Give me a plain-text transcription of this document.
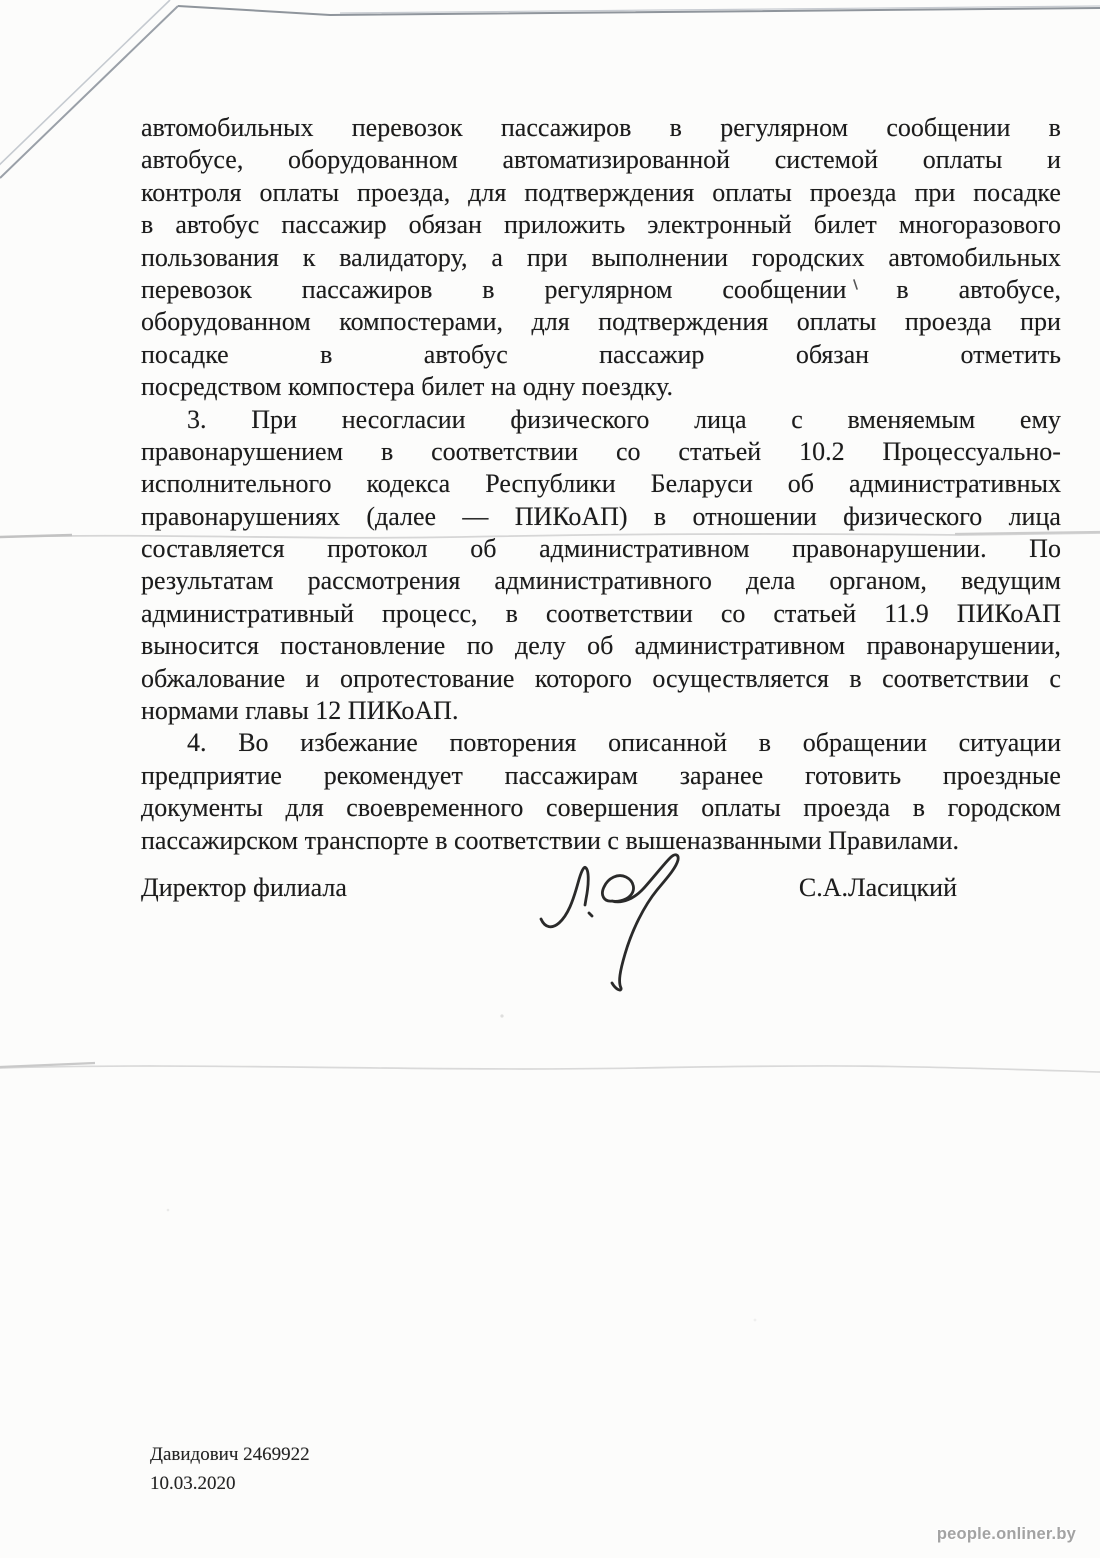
автомобильных перевозок пассажиров в регулярном сообщении в
автобусе, оборудованном автоматизированной системой оплаты и
контроля оплаты проезда, для подтверждения оплаты проезда при посадке
в автобус пассажир обязан приложить электронный билет многоразового
пользования к валидатору, а при выполнении городских автомобильных
перевозок пассажиров в регулярном сообщении в автобусе,
оборудованном компостерами, для подтверждения оплаты проезда при
посадке	в	автобус	пассажир	обязан	отметить
посредством компостера билет на одну поездку.
3. При несогласии физического лица с вменяемым ему
правонарушением в соответствии со статьей 10.2 Процессуально-
исполнительного кодекса Республики Беларуси об административных
правонарушениях (далее — ПИКоАП) в отношении физического лица
составляется протокол об административном правонарушении. По
результатам рассмотрения административного дела органом, ведущим
административный процесс, в соответствии со статьей 11.9 ПИКоАП
выносится постановление по делу об административном правонарушении,
обжалование и опротестование которого осуществляется в соответствии с
нормами главы 12 ПИКоАП.
4. Во избежание повторения описанной в обращении ситуации
предприятие рекомендует пассажирам заранее готовить проездные
документы для своевременного совершения оплаты проезда в городском
пассажирском транспорте в соответствии с вышеназванными Правилами.
Директор филиала	С.А.Ласицкий
Давидович 2469922
10.03.2020
people.onliner.by
